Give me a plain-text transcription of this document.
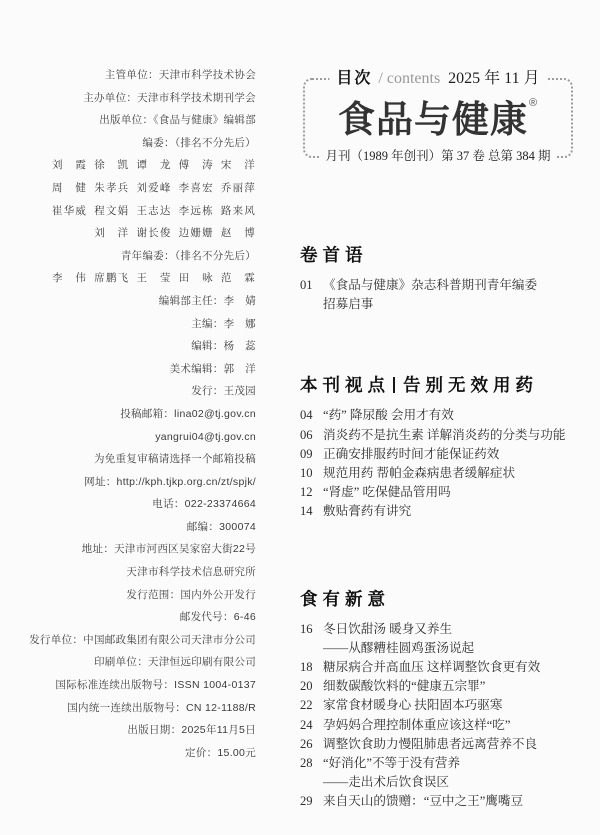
主管单位：天津市科学技术协会
主办单位：天津市科学技术期刊学会
出版单位：《食品与健康》编辑部
编委：（排名不分先后）
刘　霞 徐　凯 谭　龙 傅　涛 宋　洋
周　健 朱孝兵 刘爱峰 李喜宏 乔丽萍
崔华威 程文娟 王志达 李远栋 路来风
刘　洋 谢长俊 边姗姗 赵　博
青年编委：（排名不分先后）
李　伟 席鹏飞 王　莹 田　咏 范　霖
编辑部主任：李　婧
主编：李　娜
编辑：杨　蕊
美术编辑：郭　洋
发行：王茂园
投稿邮箱：lina02@tj.gov.cn
yangrui04@tj.gov.cn
为免重复审稿请选择一个邮箱投稿
网址：http://kph.tjkp.org.cn/zt/spjk/
电话：022-23374664
邮编：300074
地址：天津市河西区吴家窑大街22号
天津市科学技术信息研究所
发行范围：国内外公开发行
邮发代号：6-46
发行单位：中国邮政集团有限公司天津市分公司
印刷单位：天津恒远印刷有限公司
国际标准连续出版物号：ISSN 1004-0137
国内统一连续出版物号：CN 12-1188/R
出版日期：2025年11月5日
定价：15.00元
目次 / contents 2025 年 11 月
食品与健康®
月刊（1989 年创刊）第 37 卷 总第 384 期
卷首语
01 《食品与健康》杂志科普期刊青年编委
招募启事
本刊视点 告别无效用药
04 “药” 降尿酸 会用才有效
06 消炎药不是抗生素 详解消炎药的分类与功能
09 正确安排服药时间才能保证药效
10 规范用药 帮帕金森病患者缓解症状
12 “肾虚” 吃保健品管用吗
14 敷贴膏药有讲究
食有新意
16 冬日饮甜汤 暖身又养生
——从醪糟桂圆鸡蛋汤说起
18 糖尿病合并高血压 这样调整饮食更有效
20 细数碳酸饮料的“健康五宗罪”
22 家常食材暖身心 扶阳固本巧驱寒
24 孕妈妈合理控制体重应该这样“吃”
26 调整饮食助力慢阻肺患者远离营养不良
28 “好消化”不等于没有营养
——走出术后饮食误区
29 来自天山的馈赠：“豆中之王”鹰嘴豆
